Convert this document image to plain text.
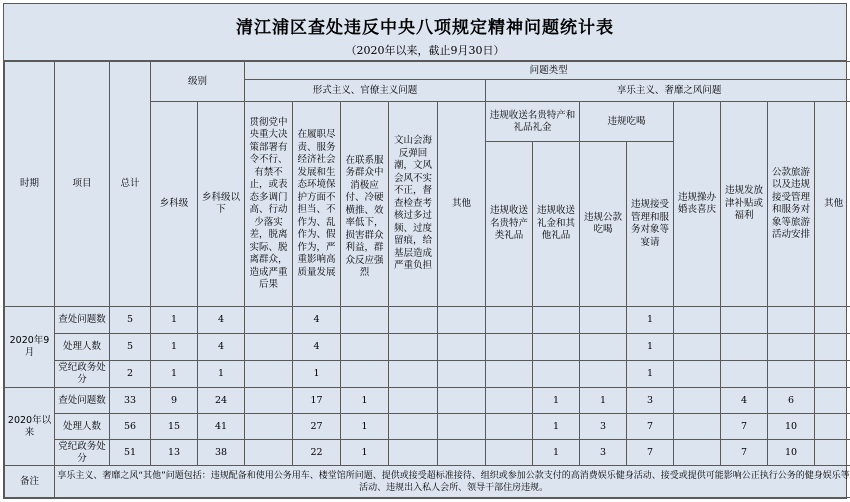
清江浦区查处违反中央八项规定精神问题统计表
（2020年以来，截止9月30日）
时期	项目	总计	级别		问题类型												
					形式主义、官僚主义问题					享乐主义、奢靡之风问题							
			乡科级	乡科级以下	贯彻党中央重大决策部署有令不行、有禁不止，或表态多调门高、行动少落实差，脱离实际、脱离群众，造成严重后果	在履职尽责、服务经济社会发展和生态环境保护方面不担当、不作为、乱作为、假作为，严重影响高质量发展	在联系服务群众中消极应付、冷硬横推、效率低下，损害群众利益，群众反应强烈	文山会海反弹回潮，文风会风不实不正，督查检查考核过多过频、过度留痕，给基层造成严重负担	其他	违规收送名贵特产和礼品礼金		违规吃喝		违规操办婚丧喜庆	违规发放津补贴或福利	公款旅游以及违规接受管理和服务对象等旅游活动安排	其他
										违规收送名贵特产类礼品	违规收送礼金和其他礼品	违规公款吃喝	违规接受管理和服务对象等宴请				
2020年9月	查处问题数	5	1	4		4							1				
	处理人数	5	1	4		4							1				
	党纪政务处分	2	1	1		1							1				
2020年以来	查处问题数	33	9	24		17	1				1	1	3		4	6	
	处理人数	56	15	41		27	1				1	3	7		7	10	
	党纪政务处分	51	13	38		22	1				1	3	7		7	10	
备注	享乐主义、奢靡之风“其他”问题包括：违规配备和使用公务用车、楼堂馆所问题、提供或接受超标准接待、组织或参加公款支付的高消费娱乐健身活动、接受或提供可能影响公正执行公务的健身娱乐等活动、违规出入私人会所、领导干部住房违规。																
